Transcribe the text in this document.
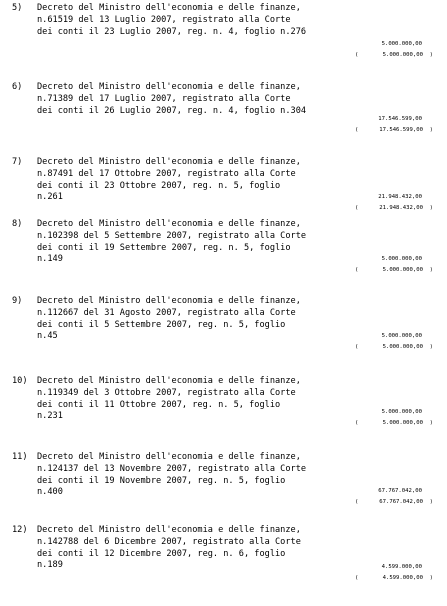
5) Decreto del Ministro dell'economia e delle finanze,
n.61519 del 13 Luglio 2007, registrato alla Corte
dei conti il 23 Luglio 2007, reg. n. 4, foglio n.276
5.000.000,00

(	5.000.000,00 )

6) Decreto del Ministro dell'economia e delle finanze,
n.71389 del 17 Luglio 2007, registrato alla Corte
dei conti il 26 Luglio 2007, reg. n. 4, foglio n.304
17.546.599,00

(	17.546.599,00 )

7) Decreto del Ministro dell'economia e delle finanze,
n.87491 del 17 Ottobre 2007, registrato alla Corte
dei conti il 23 Ottobre 2007, reg. n. 5, foglio
n.261	21.948.432,00

(	21.948.432,00 )

8) Decreto del Ministro dell'economia e delle finanze,
n.102398 del 5 Settembre 2007, registrato alla Corte
dei conti il 19 Settembre 2007, reg. n. 5, foglio
n.149	5.000.000,00

(	5.000.000,00 )

9) Decreto del Ministro dell'economia e delle finanze,
n.112667 del 31 Agosto 2007, registrato alla Corte
dei conti il 5 Settembre 2007, reg. n. 5, foglio
n.45	5.000.000,00

(	5.000.000,00 )

10) Decreto del Ministro dell'economia e delle finanze,
n.119349 del 3 Ottobre 2007, registrato alla Corte
dei conti il 11 Ottobre 2007, reg. n. 5, foglio
n.231	5.000.000,00

(	5.000.000,00 )

11) Decreto del Ministro dell'economia e delle finanze,
n.124137 del 13 Novembre 2007, registrato alla Corte
dei conti il 19 Novembre 2007, reg. n. 5, foglio
n.400	67.767.042,00

(	67.767.042,00 )

12) Decreto del Ministro dell'economia e delle finanze,
n.142788 del 6 Dicembre 2007, registrato alla Corte
dei conti il 12 Dicembre 2007, reg. n. 6, foglio
n.189	4.599.000,00

(	4.599.000,00 )
